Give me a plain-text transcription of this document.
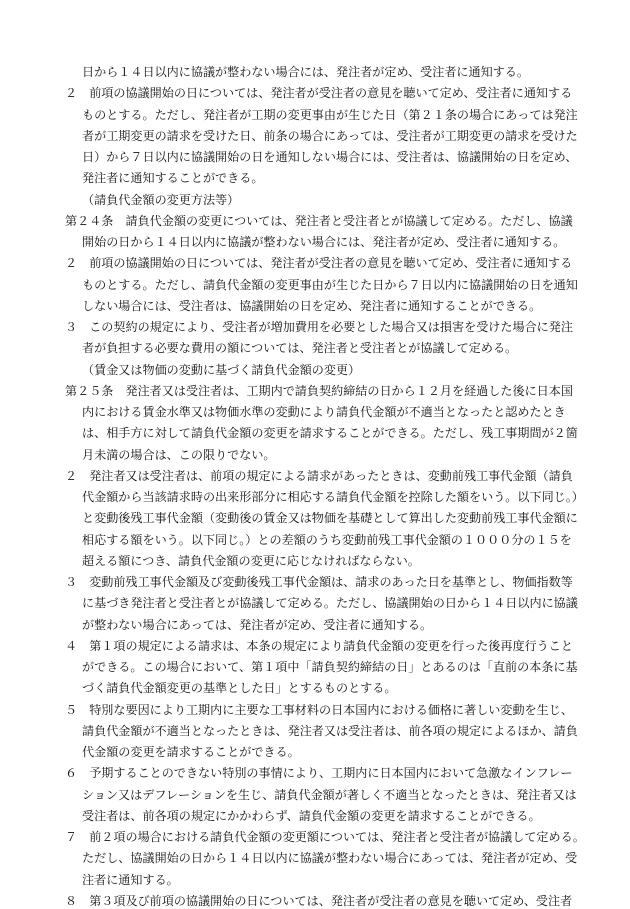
日から１４日以内に協議が整わない場合には、発注者が定め、受注者に通知する。
２　前項の協議開始の日については、発注者が受注者の意見を聴いて定め、受注者に通知する
ものとする。ただし、発注者が工期の変更事由が生じた日（第２１条の場合にあっては発注
者が工期変更の請求を受けた日、前条の場合にあっては、受注者が工期変更の請求を受けた
日）から７日以内に協議開始の日を通知しない場合には、受注者は、協議開始の日を定め、
発注者に通知することができる。
（請負代金額の変更方法等）
第２４条　請負代金額の変更については、発注者と受注者とが協議して定める。ただし、協議
開始の日から１４日以内に協議が整わない場合には、発注者が定め、受注者に通知する。
２　前項の協議開始の日については、発注者が受注者の意見を聴いて定め、受注者に通知する
ものとする。ただし、請負代金額の変更事由が生じた日から７日以内に協議開始の日を通知
しない場合には、受注者は、協議開始の日を定め、発注者に通知することができる。
３　この契約の規定により、受注者が増加費用を必要とした場合又は損害を受けた場合に発注
者が負担する必要な費用の額については、発注者と受注者とが協議して定める。
（賃金又は物価の変動に基づく請負代金額の変更）
第２５条　発注者又は受注者は、工期内で請負契約締結の日から１２月を経過した後に日本国
内における賃金水準又は物価水準の変動により請負代金額が不適当となったと認めたとき
は、相手方に対して請負代金額の変更を請求することができる。ただし、残工事期間が２箇
月未満の場合は、この限りでない。
２　発注者又は受注者は、前項の規定による請求があったときは、変動前残工事代金額（請負
代金額から当該請求時の出来形部分に相応する請負代金額を控除した額をいう。以下同じ。）
と変動後残工事代金額（変動後の賃金又は物価を基礎として算出した変動前残工事代金額に
相応する額をいう。以下同じ。）との差額のうち変動前残工事代金額の１０００分の１５を
超える額につき、請負代金額の変更に応じなければならない。
３　変動前残工事代金額及び変動後残工事代金額は、請求のあった日を基準とし、物価指数等
に基づき発注者と受注者とが協議して定める。ただし、協議開始の日から１４日以内に協議
が整わない場合にあっては、発注者が定め、受注者に通知する。
４　第１項の規定による請求は、本条の規定により請負代金額の変更を行った後再度行うこと
ができる。この場合において、第１項中「請負契約締結の日」とあるのは「直前の本条に基
づく請負代金額変更の基準とした日」とするものとする。
５　特別な要因により工期内に主要な工事材料の日本国内における価格に著しい変動を生じ、
請負代金額が不適当となったときは、発注者又は受注者は、前各項の規定によるほか、請負
代金額の変更を請求することができる。
６　予期することのできない特別の事情により、工期内に日本国内において急激なインフレー
ション又はデフレーションを生じ、請負代金額が著しく不適当となったときは、発注者又は
受注者は、前各項の規定にかかわらず、請負代金額の変更を請求することができる。
７　前２項の場合における請負代金額の変更額については、発注者と受注者が協議して定める。
ただし、協議開始の日から１４日以内に協議が整わない場合にあっては、発注者が定め、受
注者に通知する。
８　第３項及び前項の協議開始の日については、発注者が受注者の意見を聴いて定め、受注者
